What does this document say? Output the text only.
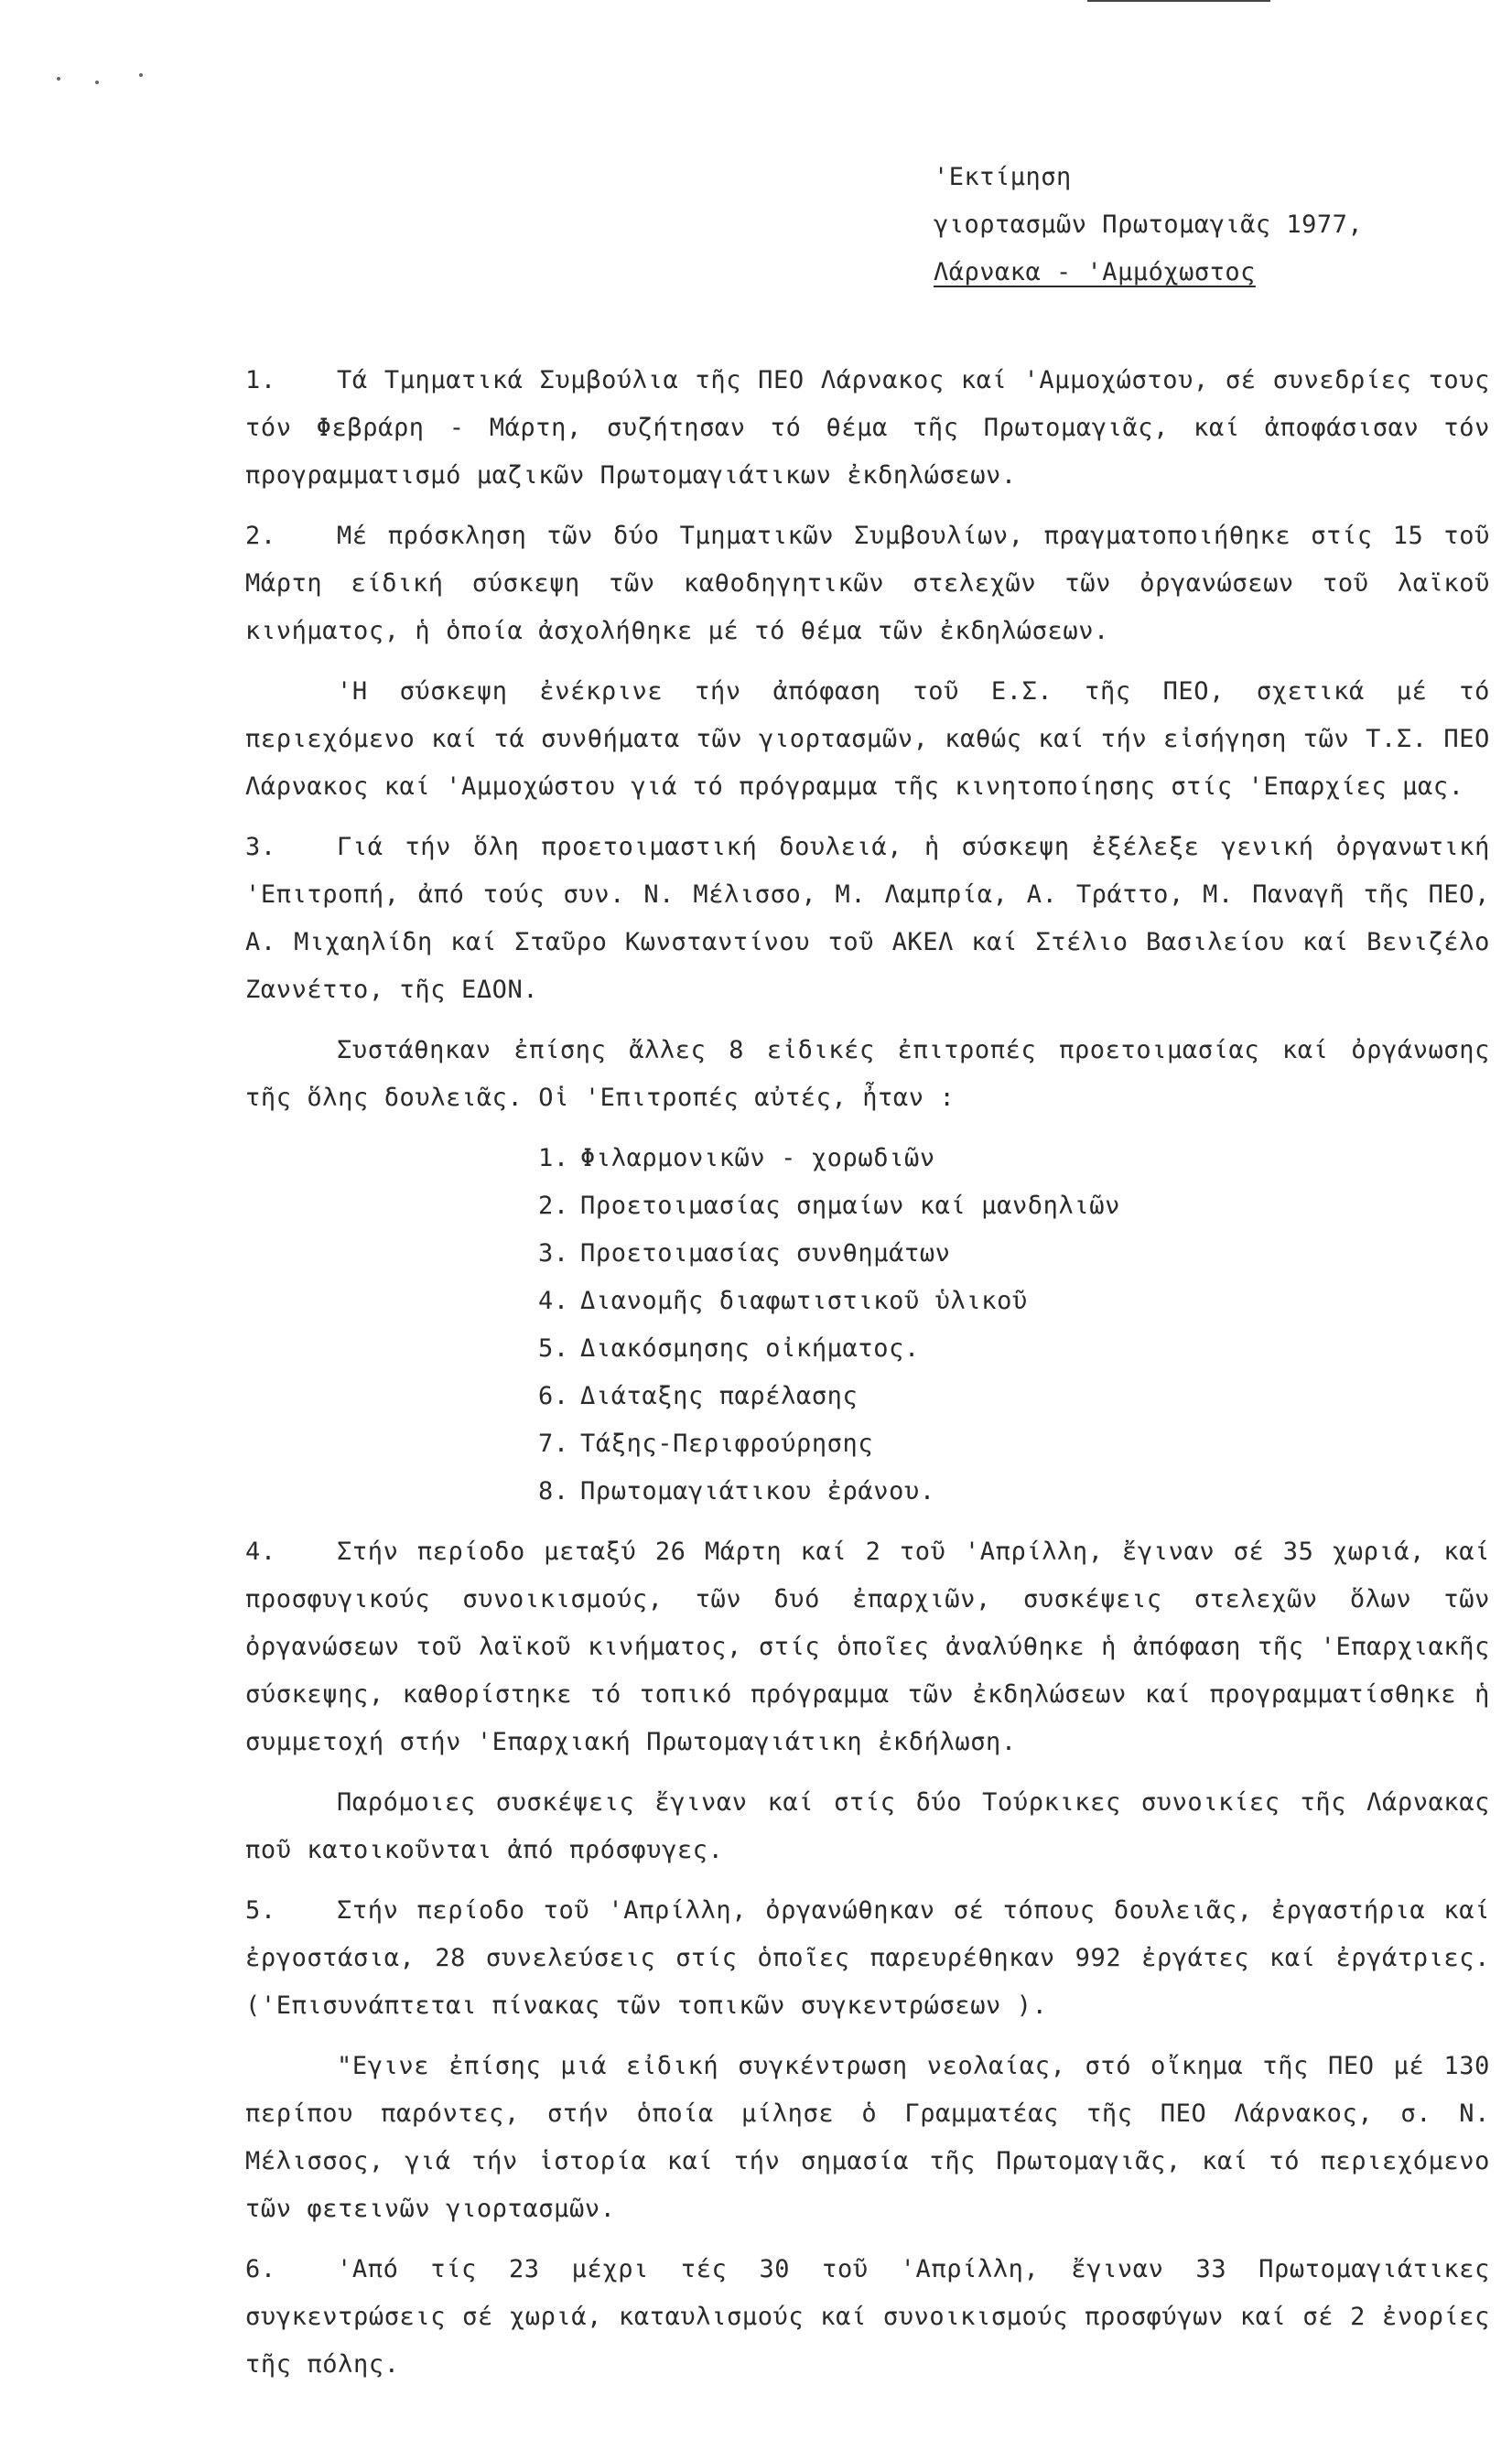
'Εκτίμηση
γιορτασμῶν Πρωτομαγιᾶς 1977,
Λάρνακα - 'Αμμόχωστος

1. Τά Τμηματικά Συμβούλια τῆς ΠΕΟ Λάρνακος καί 'Αμμοχώστου, σέ συνεδρίες τους τόν Φεβράρη - Μάρτη, συζήτησαν τό θέμα τῆς Πρωτομαγιᾶς, καί ἀποφάσισαν τόν προγραμματισμό μαζικῶν Πρωτομαγιάτικων ἐκδηλώσεων.

2. Μέ πρόσκληση τῶν δύο Τμηματικῶν Συμβουλίων, πραγματοποιήθηκε στίς 15 τοῦ Μάρτη είδική σύσκεψη τῶν καθοδηγητικῶν στελεχῶν τῶν ὀργανώσεων τοῦ λαϊκοῦ κινήματος, ἡ ὁποία ἀσχολήθηκε μέ τό θέμα τῶν ἐκδηλώσεων.

'Η σύσκεψη ἐνέκρινε τήν ἀπόφαση τοῦ Ε.Σ. τῆς ΠΕΟ, σχετικά μέ τό περιεχόμενο καί τά συνθήματα τῶν γιορτασμῶν, καθώς καί τήν εἰσήγηση τῶν Τ.Σ. ΠΕΟ Λάρνακος καί 'Αμμοχώστου γιά τό πρόγραμμα τῆς κινητοποίησης στίς 'Επαρχίες μας.

3. Γιά τήν ὅλη προετοιμαστική δουλειά, ἡ σύσκεψη ἐξέλεξε γενική ὀργανωτική 'Επιτροπή, ἀπό τούς συν. Ν. Μέλισσο, Μ. Λαμπρία, Α. Τράττο, Μ. Παναγῆ τῆς ΠΕΟ, Α. Μιχαηλίδη καί Σταῦρο Κωνσταντίνου τοῦ ΑΚΕΛ καί Στέλιο Βασιλείου καί Βενιζέλο Ζαννέττο, τῆς ΕΔΟΝ.

Συστάθηκαν ἐπίσης ἄλλες 8 εἰδικές ἐπιτροπές προετοιμασίας καί ὀργάνωσης τῆς ὅλης δουλειᾶς. Οἱ 'Επιτροπές αὐτές, ἦταν :

1. Φιλαρμονικῶν - χορωδιῶν
2. Προετοιμασίας σημαίων καί μανδηλιῶν
3. Προετοιμασίας συνθημάτων
4. Διανομῆς διαφωτιστικοῦ ὑλικοῦ
5. Διακόσμησης οἰκήματος.
6. Διάταξης παρέλασης
7. Τάξης-Περιφρούρησης
8. Πρωτομαγιάτικου ἐράνου.

4. Στήν περίοδο μεταξύ 26 Μάρτη καί 2 τοῦ 'Απρίλλη, ἔγιναν σέ 35 χωριά, καί προσφυγικούς συνοικισμούς, τῶν δυό ἐπαρχιῶν, συσκέψεις στελεχῶν ὅλων τῶν ὀργανώσεων τοῦ λαϊκοῦ κινήματος, στίς ὁποῖες ἀναλύθηκε ἡ ἀπόφαση τῆς 'Επαρχιακῆς σύσκεψης, καθορίστηκε τό τοπικό πρόγραμμα τῶν ἐκδηλώσεων καί προγραμματίσθηκε ἡ συμμετοχή στήν 'Επαρχιακή Πρωτομαγιάτικη ἐκδήλωση.

Παρόμοιες συσκέψεις ἔγιναν καί στίς δύο Τούρκικες συνοικίες τῆς Λάρνακας ποῦ κατοικοῦνται ἀπό πρόσφυγες.

5. Στήν περίοδο τοῦ 'Απρίλλη, ὀργανώθηκαν σέ τόπους δουλειᾶς, ἐργαστήρια καί ἐργοστάσια, 28 συνελεύσεις στίς ὁποῖες παρευρέθηκαν 992 ἐργάτες καί ἐργάτριες.('Επισυνάπτεται πίνακας τῶν τοπικῶν συγκεντρώσεων ).

"Εγινε ἐπίσης μιά εἰδική συγκέντρωση νεολαίας, στό οἴκημα τῆς ΠΕΟ μέ 130 περίπου παρόντες, στήν ὁποία μίλησε ὁ Γραμματέας τῆς ΠΕΟ Λάρνακος, σ. Ν. Μέλισσος, γιά τήν ἱστορία καί τήν σημασία τῆς Πρωτομαγιᾶς, καί τό περιεχόμενο τῶν φετεινῶν γιορτασμῶν.

6. 'Από τίς 23 μέχρι τές 30 τοῦ 'Απρίλλη, ἔγιναν 33 Πρωτομαγιάτικες συγκεντρώσεις σέ χωριά, καταυλισμούς καί συνοικισμούς προσφύγων καί σέ 2 ἐνορίες τῆς πόλης.
